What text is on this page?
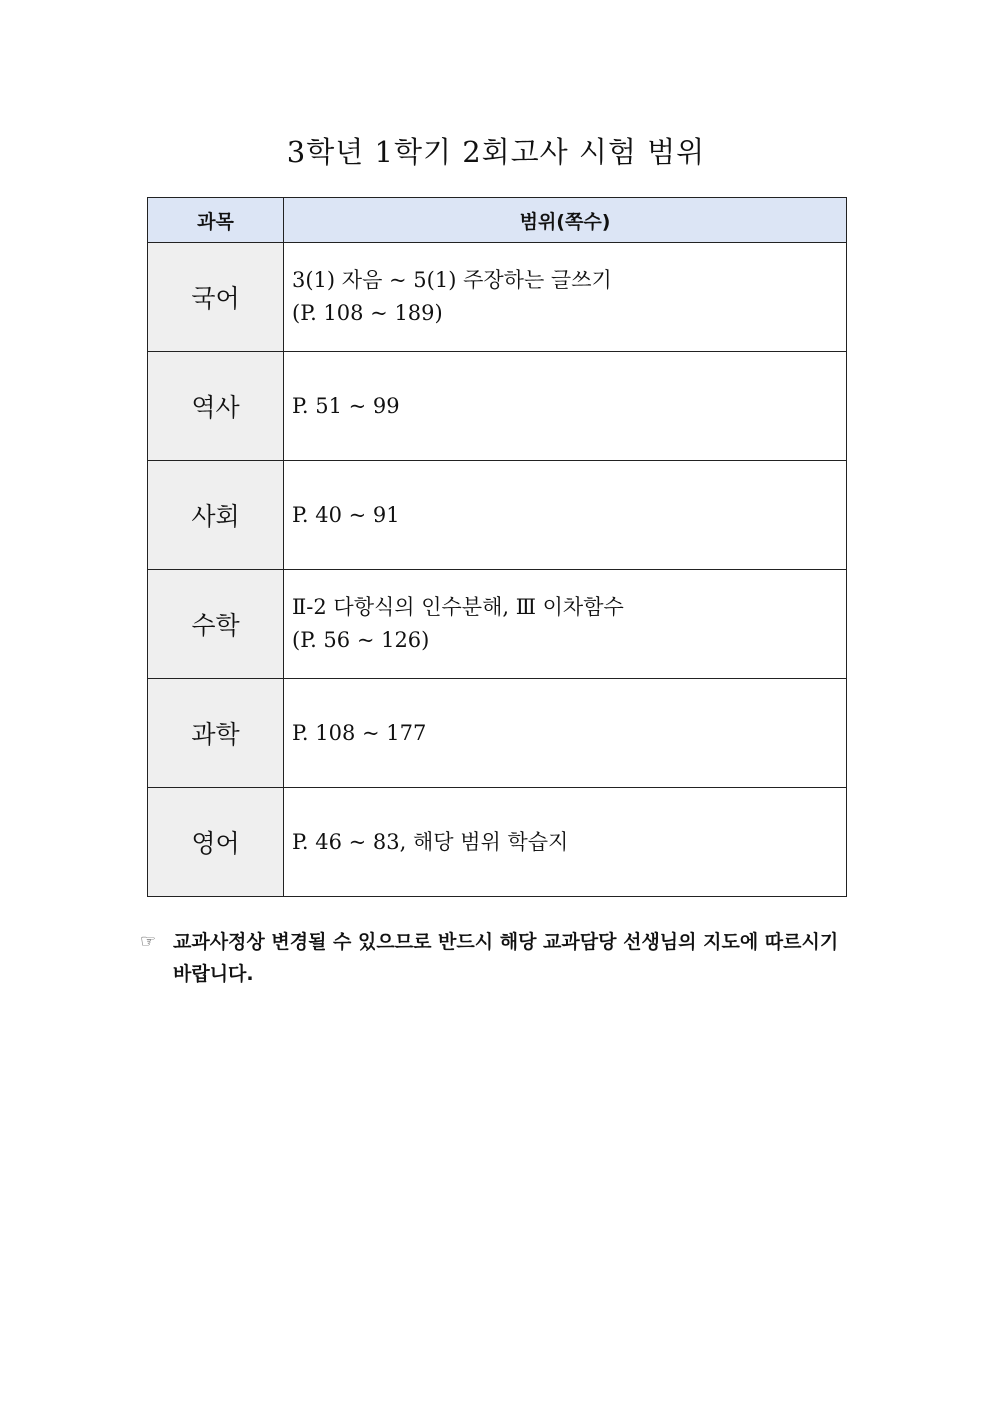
3학년 1학기 2회고사 시험 범위
과목	범위(쪽수)
국어	3(1) 자음 ~ 5(1) 주장하는 글쓰기
(P. 108 ~ 189)

역사	P. 51 ~ 99

사회	P. 40 ~ 91

수학	Ⅱ-2 다항식의 인수분해, Ⅲ 이차함수
(P. 56 ~ 126)

과학	P. 108 ~ 177

영어	P. 46 ~ 83, 해당 범위 학습지
☞ 교과사정상 변경될 수 있으므로 반드시 해당 교과담당 선생님의 지도에 따르시기 바랍니다.
